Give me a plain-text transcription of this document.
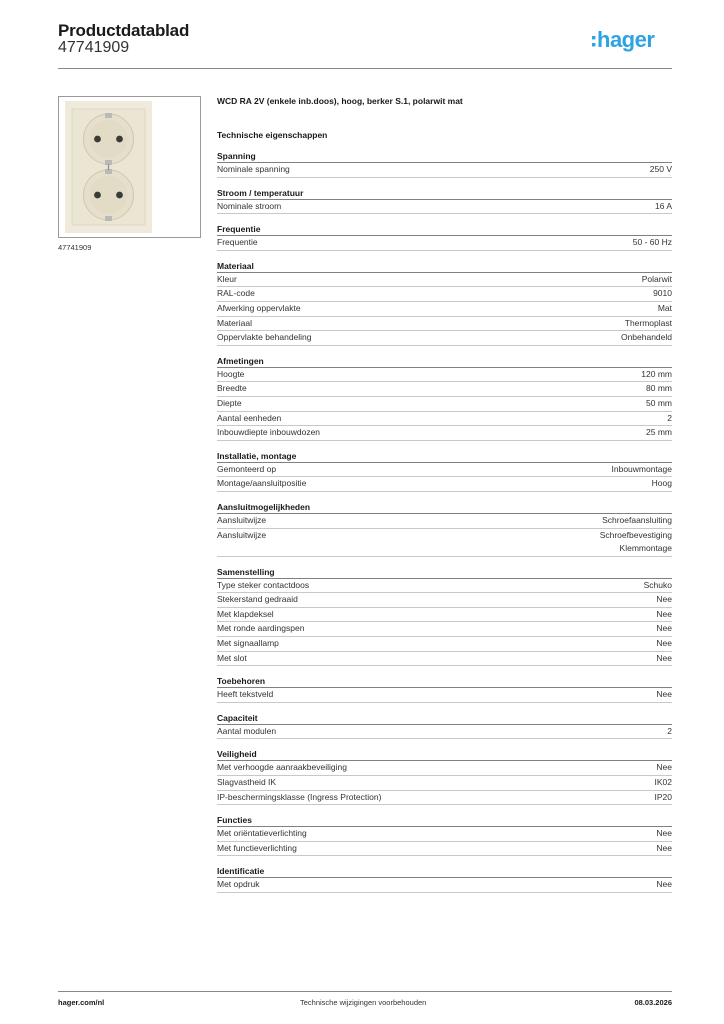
Productdatablad
47741909	hager
47741909
WCD RA 2V (enkele inb.doos), hoog, berker S.1, polarwit mat
Technische eigenschappen
Spanning
Nominale spanning	250 V
Stroom / temperatuur
Nominale stroom	16 A
Frequentie
Frequentie	50 - 60 Hz
Materiaal
Kleur	Polarwit
RAL-code	9010
Afwerking oppervlakte	Mat
Materiaal	Thermoplast
Oppervlakte behandeling	Onbehandeld
Afmetingen
Hoogte	120 mm
Breedte	80 mm
Diepte	50 mm
Aantal eenheden	2
Inbouwdiepte inbouwdozen	25 mm
Installatie, montage
Gemonteerd op	Inbouwmontage
Montage/aansluitpositie	Hoog
Aansluitmogelijkheden
Aansluitwijze	Schroefaansluiting
Aansluitwijze	Schroefbevestiging
Klemmontage
Samenstelling
Type steker contactdoos	Schuko
Stekerstand gedraaid	Nee
Met klapdeksel	Nee
Met ronde aardingspen	Nee
Met signaallamp	Nee
Met slot	Nee
Toebehoren
Heeft tekstveld	Nee
Capaciteit
Aantal modulen	2
Veiligheid
Met verhoogde aanraakbeveiliging	Nee
Slagvastheid IK	IK02
IP-beschermingsklasse (Ingress Protection)	IP20
Functies
Met oriëntatieverlichting	Nee
Met functieverlichting	Nee
Identificatie
Met opdruk	Nee
hager.com/nl	Technische wijzigingen voorbehouden	08.03.2026
